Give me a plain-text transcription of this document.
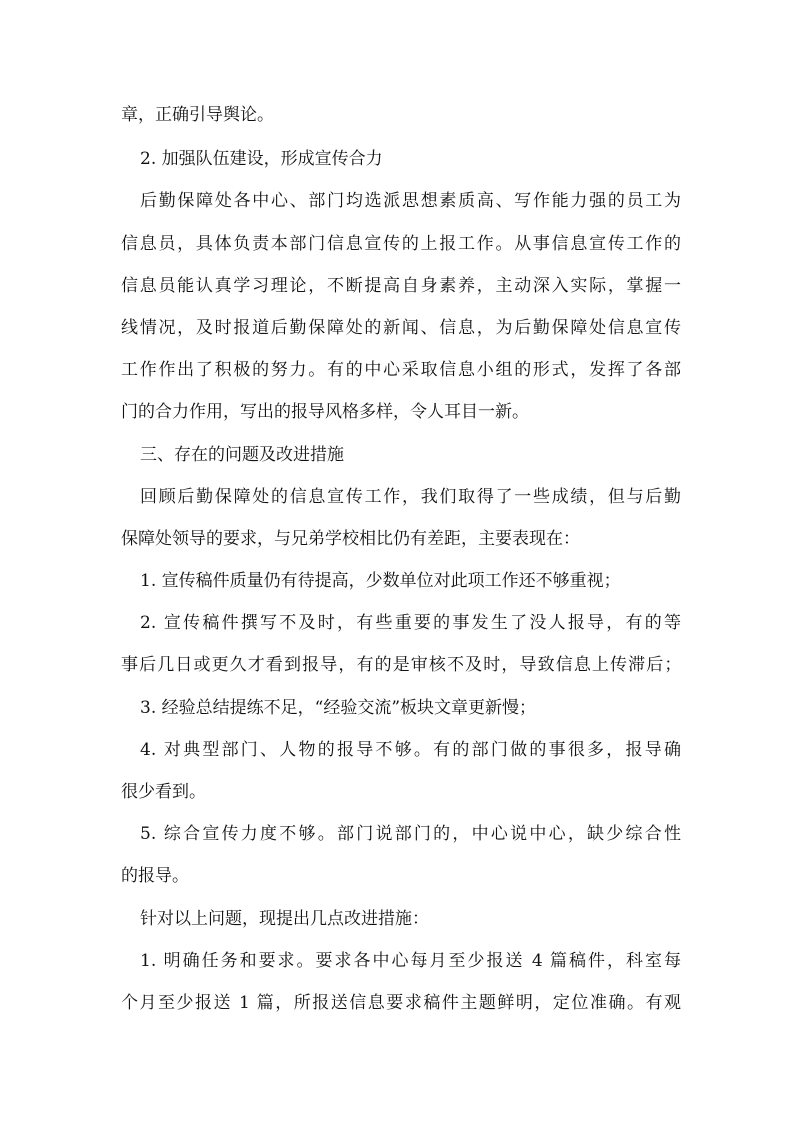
章，正确引导舆论。
2. 加强队伍建设，形成宣传合力
后勤保障处各中心、部门均选派思想素质高、写作能力强的员工为
信息员，具体负责本部门信息宣传的上报工作。从事信息宣传工作的
信息员能认真学习理论，不断提高自身素养，主动深入实际，掌握一
线情况，及时报道后勤保障处的新闻、信息，为后勤保障处信息宣传
工作作出了积极的努力。有的中心采取信息小组的形式，发挥了各部
门的合力作用，写出的报导风格多样，令人耳目一新。
三、存在的问题及改进措施
回顾后勤保障处的信息宣传工作，我们取得了一些成绩，但与后勤
保障处领导的要求，与兄弟学校相比仍有差距，主要表现在：
1. 宣传稿件质量仍有待提高，少数单位对此项工作还不够重视；
2. 宣传稿件撰写不及时，有些重要的事发生了没人报导，有的等
事后几日或更久才看到报导，有的是审核不及时，导致信息上传滞后；
3. 经验总结提练不足，“经验交流”板块文章更新慢；
4. 对典型部门、人物的报导不够。有的部门做的事很多，报导确
很少看到。
5. 综合宣传力度不够。部门说部门的，中心说中心，缺少综合性
的报导。
针对以上问题，现提出几点改进措施：
1. 明确任务和要求。要求各中心每月至少报送 4 篇稿件，科室每
个月至少报送 1 篇，所报送信息要求稿件主题鲜明，定位准确。有观
